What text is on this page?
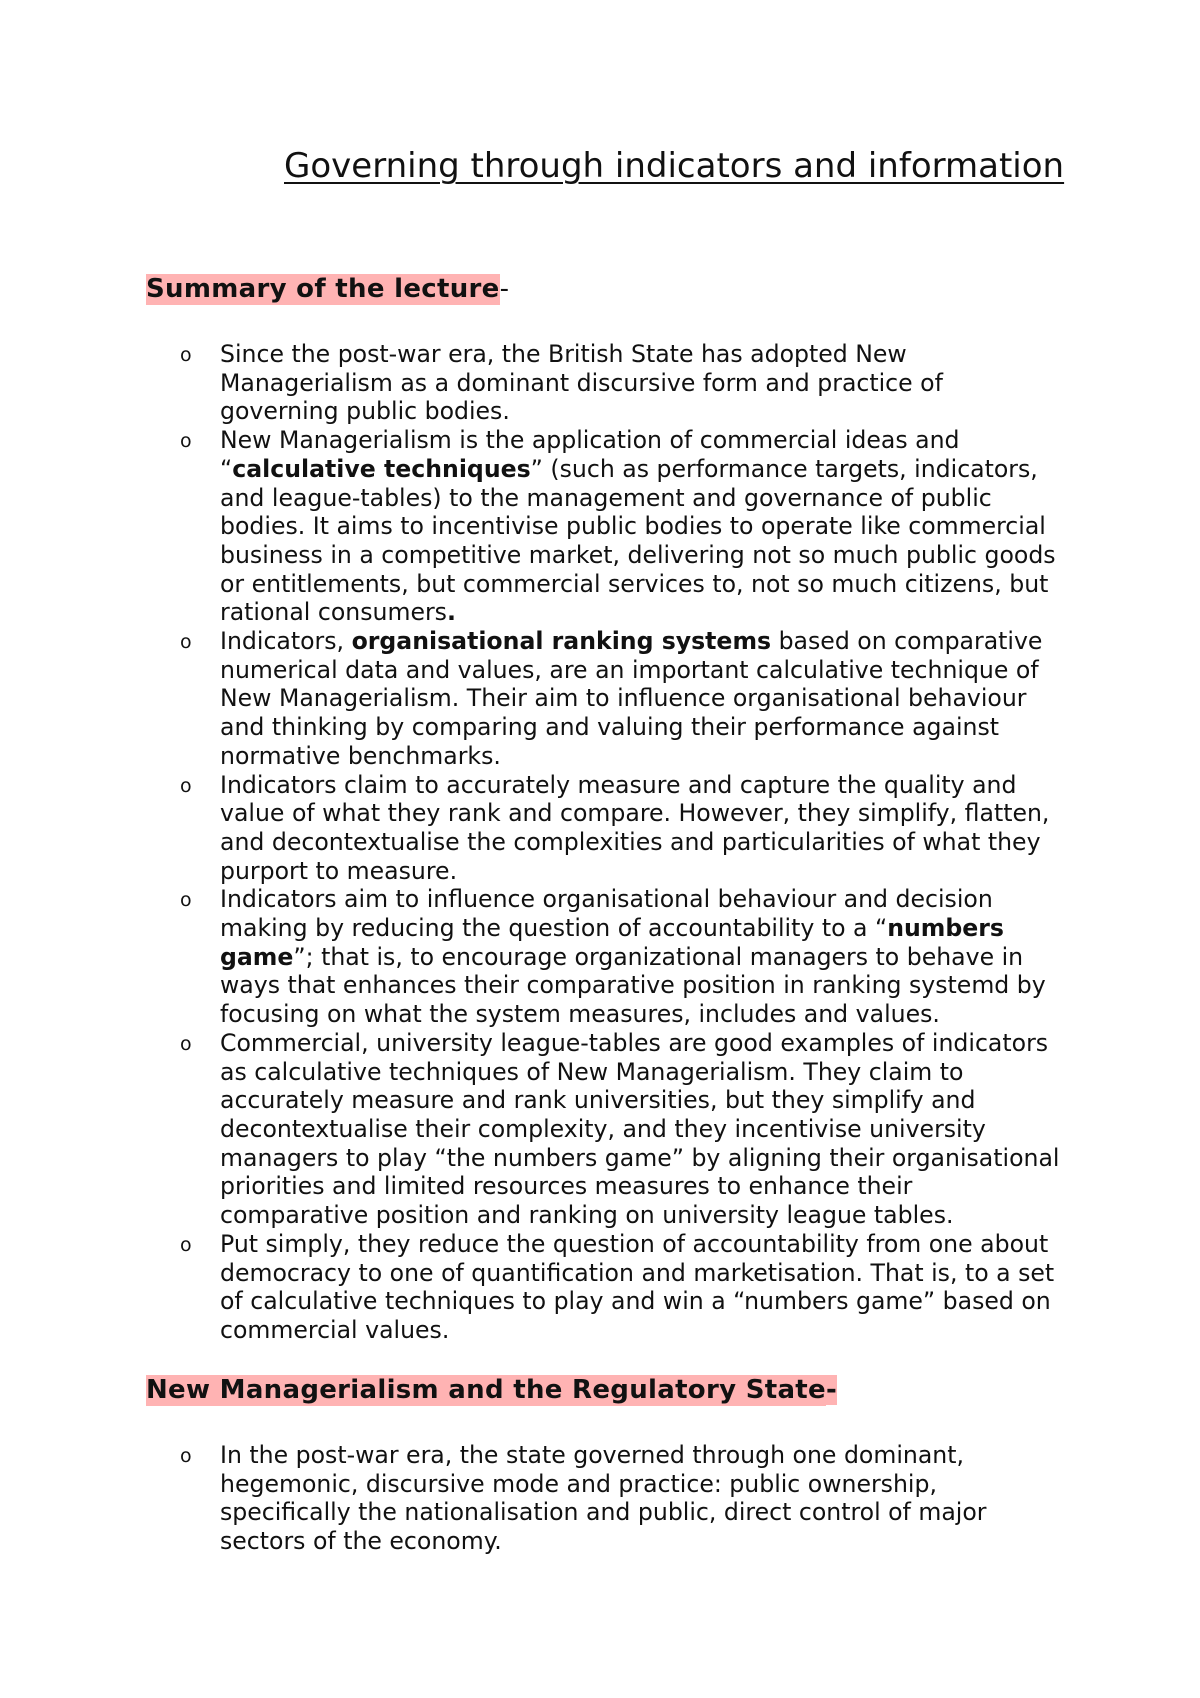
Governing through indicators and information
Summary of the lecture-
o Since the post-war era, the British State has adopted New Managerialism as a dominant discursive form and practice of governing public bodies.
o New Managerialism is the application of commercial ideas and “calculative techniques” (such as performance targets, indicators, and league-tables) to the management and governance of public bodies. It aims to incentivise public bodies to operate like commercial business in a competitive market, delivering not so much public goods or entitlements, but commercial services to, not so much citizens, but rational consumers.
o Indicators, organisational ranking systems based on comparative numerical data and values, are an important calculative technique of New Managerialism. Their aim to influence organisational behaviour and thinking by comparing and valuing their performance against normative benchmarks.
o Indicators claim to accurately measure and capture the quality and value of what they rank and compare. However, they simplify, flatten, and decontextualise the complexities and particularities of what they purport to measure.
o Indicators aim to influence organisational behaviour and decision making by reducing the question of accountability to a “numbers game”; that is, to encourage organizational managers to behave in ways that enhances their comparative position in ranking systemd by focusing on what the system measures, includes and values.
o Commercial, university league-tables are good examples of indicators as calculative techniques of New Managerialism. They claim to accurately measure and rank universities, but they simplify and decontextualise their complexity, and they incentivise university managers to play “the numbers game” by aligning their organisational priorities and limited resources measures to enhance their comparative position and ranking on university league tables.
o Put simply, they reduce the question of accountability from one about democracy to one of quantification and marketisation. That is, to a set of calculative techniques to play and win a “numbers game” based on commercial values.
New Managerialism and the Regulatory State-
o In the post-war era, the state governed through one dominant, hegemonic, discursive mode and practice: public ownership, specifically the nationalisation and public, direct control of major sectors of the economy.
